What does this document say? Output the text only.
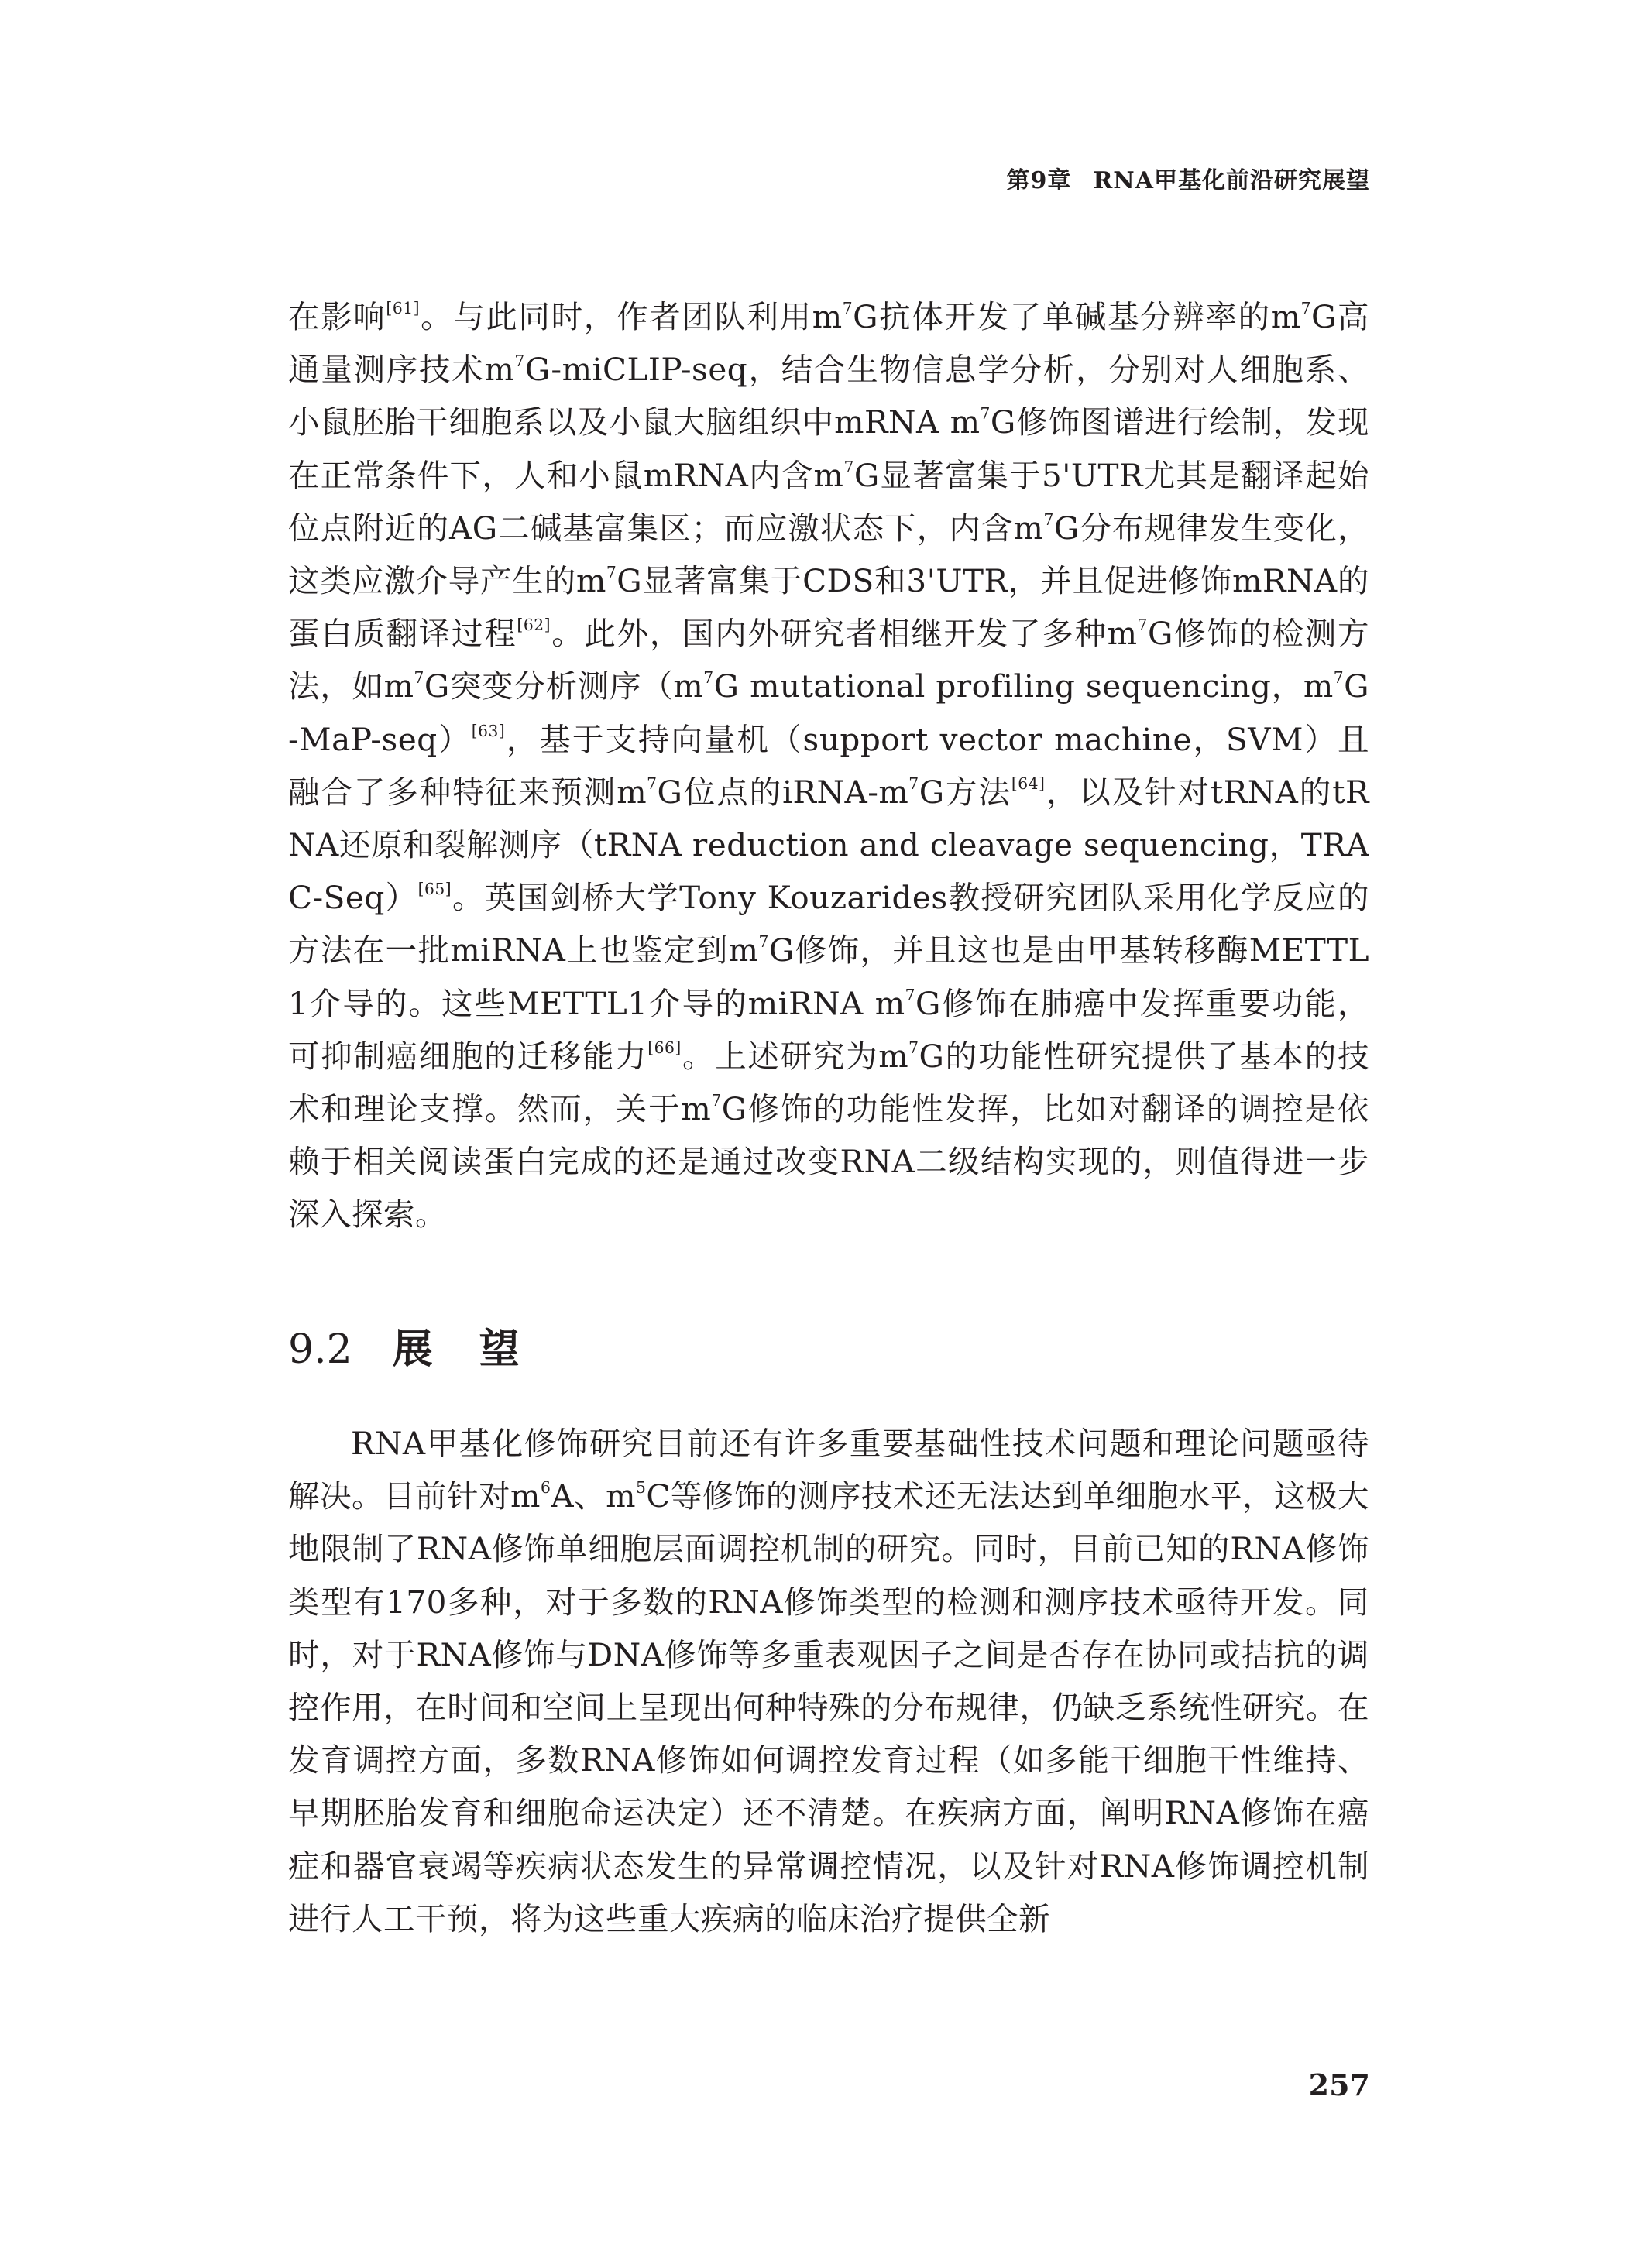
第9章 RNA甲基化前沿研究展望

在影响[61]。与此同时，作者团队利用$m^7G$抗体开发了单碱基分辨率的$m^7G$高通量测序技术$m^7G-miCLIP$-seq，结合生物信息学分析，分别对人细胞系、小鼠胚胎干细胞系以及小鼠大脑组织中mRNA $m^7G$修饰图谱进行绘制，发现在正常条件下，人和小鼠mRNA内含$m^7G$显著富集于5'UTR尤其是翻译起始位点附近的AG二碱基富集区；而应激状态下，内含$m^7G$分布规律发生变化，这类应激介导产生的$m^7G$显著富集于CDS和3'UTR，并且促进修饰mRNA的蛋白质翻译过程[62]。此外，国内外研究者相继开发了多种$m^7G$修饰的检测方法，如$m^7G$突变分析测序（$m^7G$ mutational profiling sequencing，$m^7G-MaP-seq)[63]$，基于支持向量机（support vector machine，SVM）且融合了多种特征来预测$m^7G$位点的iRNA-$m^7G$方法[64]，以及针对tRNA的tRNA还原和裂解测序（tRNA reduction and cleavage sequencing，TRAC-Seq）[65]。英国剑桥大学Tony Kouzarides教授研究团队采用化学反应的方法在一批miRNA上也鉴定到$m^7G$修饰，并且这也是由甲基转移酶METTL1介导的。这些METTL1介导的miRNA $m^7G$修饰在肺癌中发挥重要功能，可抑制癌细胞的迁移能力[66]。上述研究为$m^7G$的功能性研究提供了基本的技术和理论支撑。然而，关于$m^7G$修饰的功能性发挥，比如对翻译的调控是依赖于相关阅读蛋白完成的还是通过改变RNA二级结构实现的，则值得进一步深入探索。

9.2 展望

RNA甲基化修饰研究目前还有许多重要基础性技术问题和理论问题亟待解决。目前针对$m^6A$、$m^5C$等修饰的测序技术还无法达到单细胞水平，这极大地限制了RNA修饰单细胞层面调控机制的研究。同时，目前已知的RNA修饰类型有170多种，对于多数的RNA修饰类型的检测和测序技术亟待开发。同时，对于RNA修饰与DNA修饰等多重表观因子之间是否存在协同或拮抗的调控作用，在时间和空间上呈现出何种特殊的分布规律，仍缺乏系统性研究。在发育调控方面，多数RNA修饰如何调控发育过程（如多能干细胞干性维持、早期胚胎发育和细胞命运决定）还不清楚。在疾病方面，阐明RNA修饰在癌症和器官衰竭等疾病状态发生的异常调控情况，以及针对RNA修饰调控机制进行人工干预，将为这些重大疾病的临床治疗提供全新

257
